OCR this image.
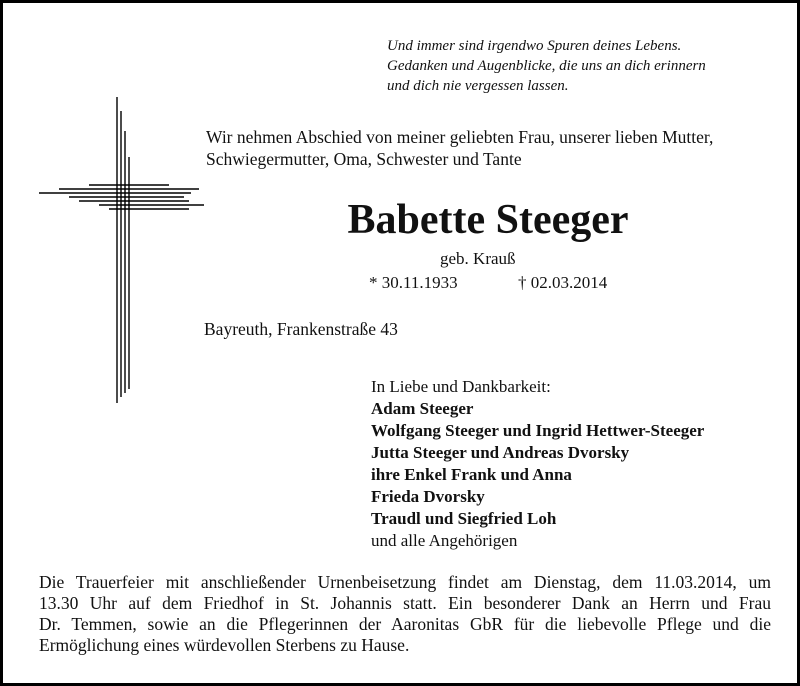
Und immer sind irgendwo Spuren deines Lebens.
Gedanken und Augenblicke, die uns an dich erinnern
und dich nie vergessen lassen.
Wir nehmen Abschied von meiner geliebten Frau, unserer lieben Mutter,
Schwiegermutter, Oma, Schwester und Tante
Babette Steeger
geb. Krauß
* 30.11.1933	† 02.03.2014
Bayreuth, Frankenstraße 43
In Liebe und Dankbarkeit:
Adam Steeger
Wolfgang Steeger und Ingrid Hettwer-Steeger
Jutta Steeger und Andreas Dvorsky
ihre Enkel Frank und Anna
Frieda Dvorsky
Traudl und Siegfried Loh
und alle Angehörigen
Die Trauerfeier mit anschließender Urnenbeisetzung findet am Dienstag, dem 11.03.2014, um
13.30 Uhr auf dem Friedhof in St. Johannis statt. Ein besonderer Dank an Herrn und Frau
Dr. Temmen, sowie an die Pflegerinnen der Aaronitas GbR für die liebevolle Pflege und die
Ermöglichung eines würdevollen Sterbens zu Hause.
